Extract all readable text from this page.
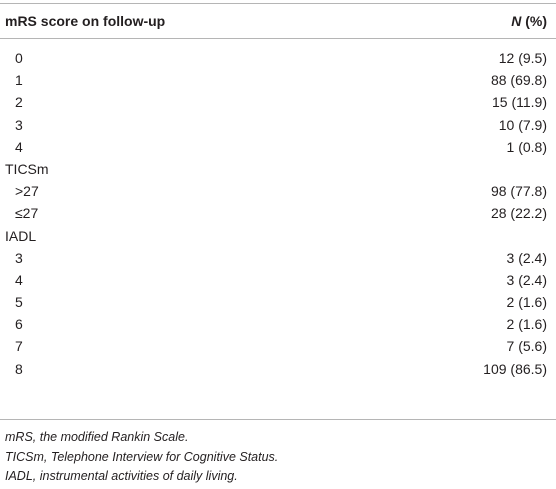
mRS score on follow-up	N (%)
0	12 (9.5)
1	88 (69.8)
2	15 (11.9)
3	10 (7.9)
4	1 (0.8)
TICSm
>27	98 (77.8)
≤27	28 (22.2)
IADL
3	3 (2.4)
4	3 (2.4)
5	2 (1.6)
6	2 (1.6)
7	7 (5.6)
8	109 (86.5)
mRS, the modified Rankin Scale.
TICSm, Telephone Interview for Cognitive Status.
IADL, instrumental activities of daily living.
